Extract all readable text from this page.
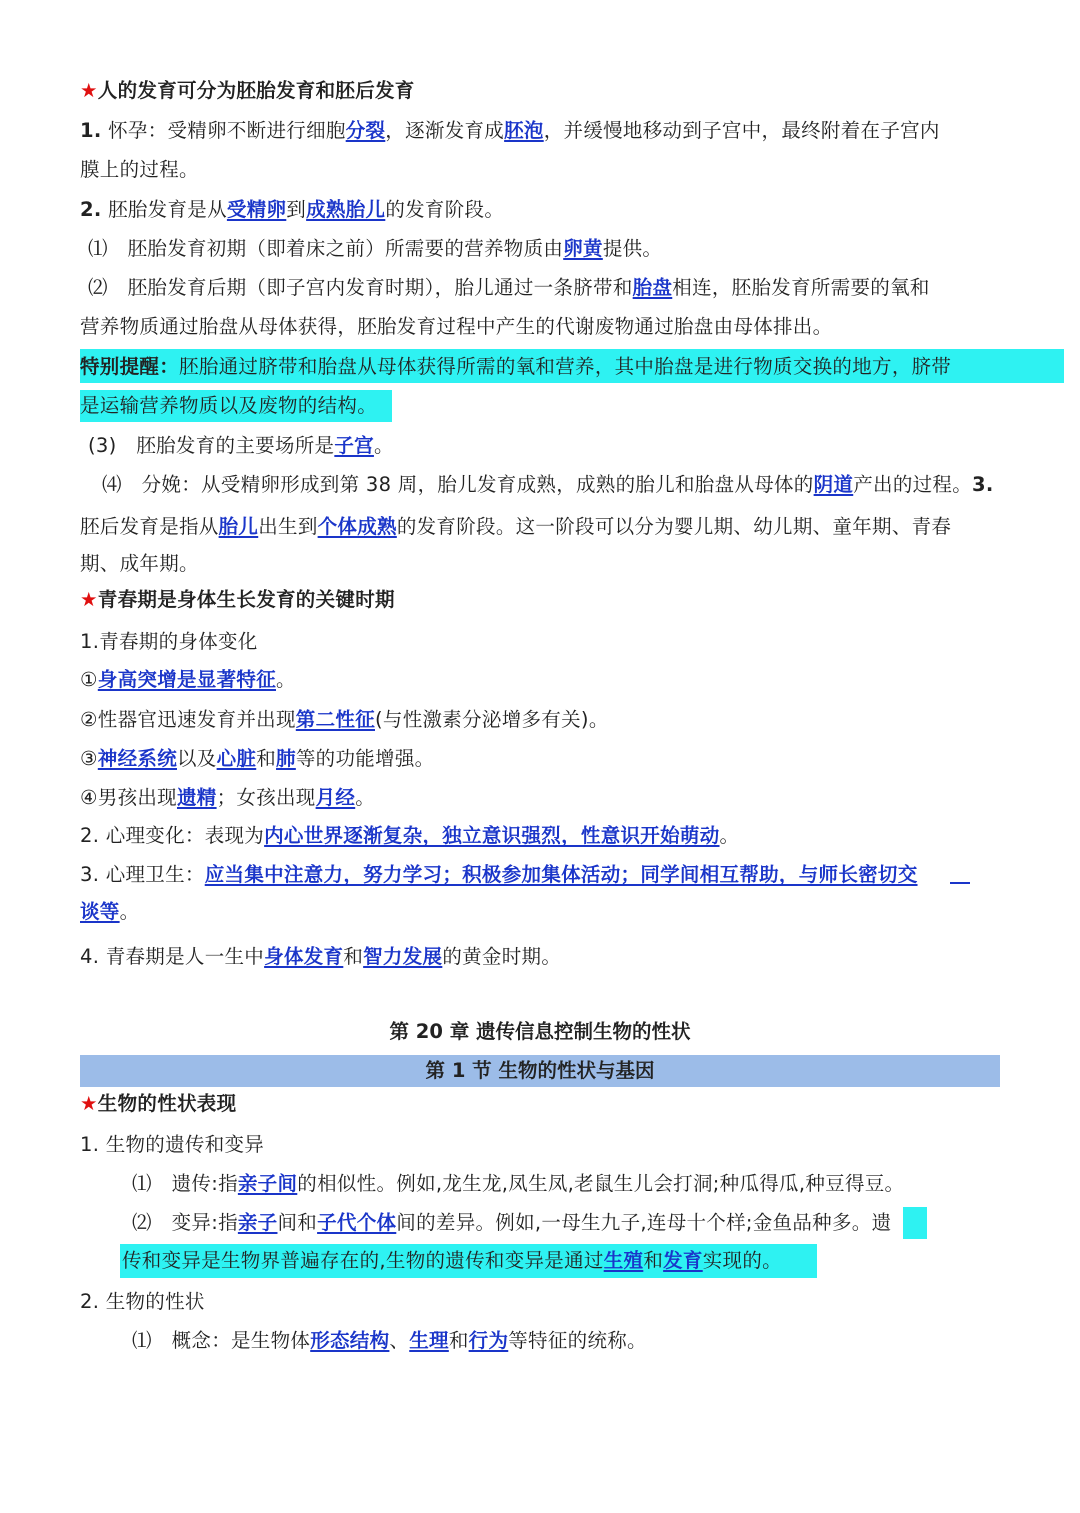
★人的发育可分为胚胎发育和胚后发育
1. 怀孕：受精卵不断进行细胞分裂，逐渐发育成胚泡，并缓慢地移动到子宫中，最终附着在子宫内
膜上的过程。
2. 胚胎发育是从受精卵到成熟胎儿的发育阶段。
⑴　胚胎发育初期（即着床之前）所需要的营养物质由卵黄提供。
⑵　胚胎发育后期（即子宫内发育时期），胎儿通过一条脐带和胎盘相连，胚胎发育所需要的氧和
营养物质通过胎盘从母体获得，胚胎发育过程中产生的代谢废物通过胎盘由母体排出。
特别提醒：胚胎通过脐带和胎盘从母体获得所需的氧和营养，其中胎盘是进行物质交换的地方，脐带
是运输营养物质以及废物的结构。
(3)　胚胎发育的主要场所是子宫。
⑷　分娩：从受精卵形成到第 38 周，胎儿发育成熟，成熟的胎儿和胎盘从母体的阴道产出的过程。3.
胚后发育是指从胎儿出生到个体成熟的发育阶段。这一阶段可以分为婴儿期、幼儿期、童年期、青春
期、成年期。
★青春期是身体生长发育的关键时期
1.青春期的身体变化
①身高突增是显著特征。
②性器官迅速发育并出现第二性征(与性激素分泌增多有关)。
③神经系统以及心脏和肺等的功能增强。
④男孩出现遗精；女孩出现月经。
2. 心理变化：表现为内心世界逐渐复杂，独立意识强烈，性意识开始萌动。
3. 心理卫生：应当集中注意力，努力学习；积极参加集体活动；同学间相互帮助，与师长密切交
谈等。
4. 青春期是人一生中身体发育和智力发展的黄金时期。
第 20 章 遗传信息控制生物的性状
第 1 节 生物的性状与基因
★生物的性状表现
1. 生物的遗传和变异
⑴　遗传:指亲子间的相似性。例如,龙生龙,凤生凤,老鼠生儿会打洞;种瓜得瓜,种豆得豆。
⑵　变异:指亲子间和子代个体间的差异。例如,一母生九子,连母十个样;金鱼品种多。遗
传和变异是生物界普遍存在的,生物的遗传和变异是通过生殖和发育实现的。
2. 生物的性状
⑴　概念：是生物体形态结构、生理和行为等特征的统称。
